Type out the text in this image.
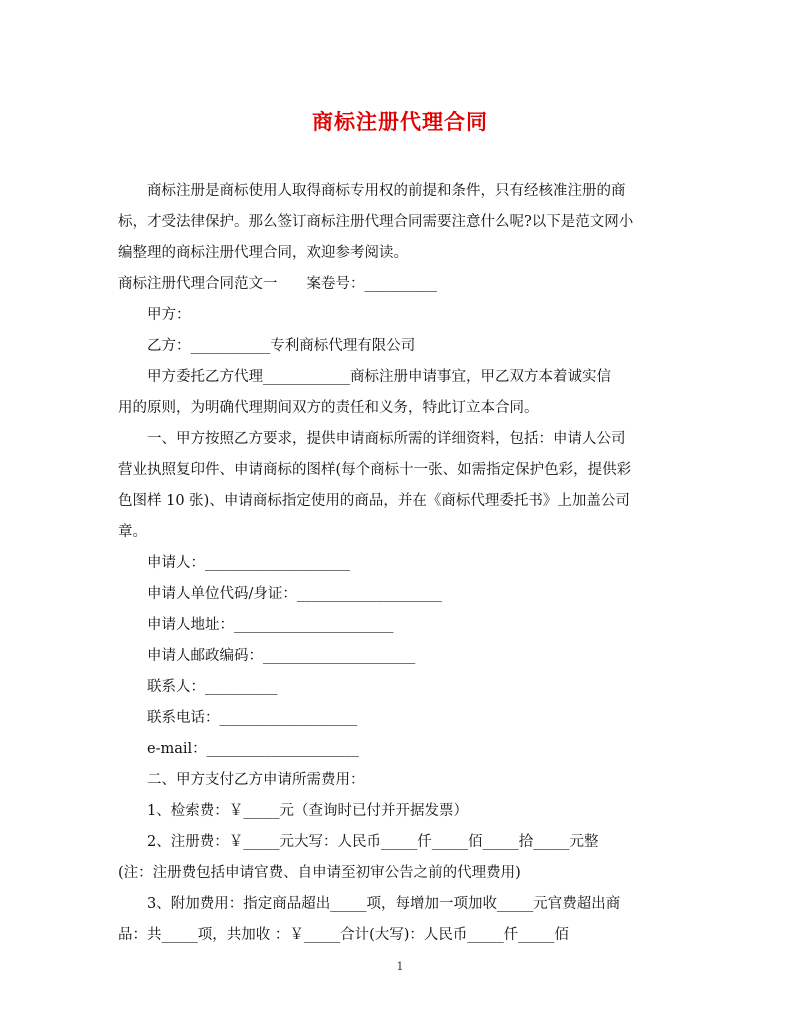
商标注册代理合同
商标注册是商标使用人取得商标专用权的前提和条件，只有经核准注册的商
标，才受法律保护。那么签订商标注册代理合同需要注意什么呢?以下是范文网小
编整理的商标注册代理合同，欢迎参考阅读。
商标注册代理合同范文一　　案卷号：__________
甲方：
乙方：___________专利商标代理有限公司
甲方委托乙方代理____________商标注册申请事宜，甲乙双方本着诚实信
用的原则，为明确代理期间双方的责任和义务，特此订立本合同。
一、甲方按照乙方要求，提供申请商标所需的详细资料，包括：申请人公司
营业执照复印件、申请商标的图样(每个商标十一张、如需指定保护色彩，提供彩
色图样 10 张)、申请商标指定使用的商品，并在《商标代理委托书》上加盖公司
章。
申请人：____________________
申请人单位代码/身证：____________________
申请人地址：______________________
申请人邮政编码：_____________________
联系人：__________
联系电话：___________________
e-mail：_____________________
二、甲方支付乙方申请所需费用：
1、检索费：￥_____元（查询时已付并开据发票）
2、注册费：￥_____元大写：人民币_____仟_____佰_____拾_____元整
(注：注册费包括申请官费、自申请至初审公告之前的代理费用)
3、附加费用：指定商品超出_____项，每增加一项加收_____元官费超出商
品：共_____项，共加收 ：￥_____合计(大写)：人民币_____仟_____佰
1
